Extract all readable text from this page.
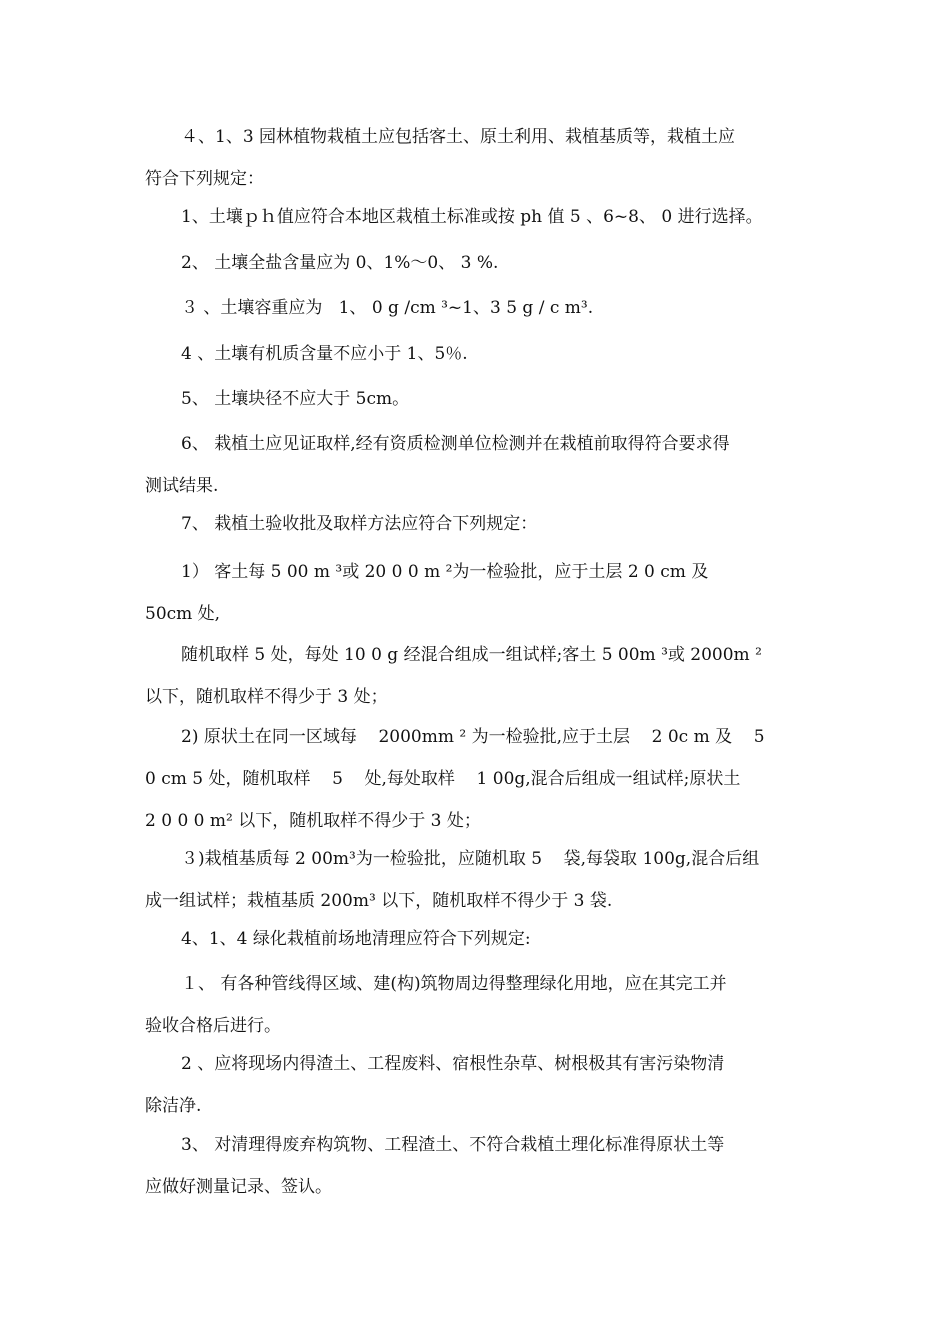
４、1、3 园林植物栽植土应包括客土、原土利用、栽植基质等，栽植土应
符合下列规定：
1、土壤ｐｈ值应符合本地区栽植土标准或按 ph 值 5 、6~8、 0 进行选择。
2、 土壤全盐含量应为 0、1%～0、 3 %.
３ 、土壤容重应为   1、 0 g /cm ³~1、3 5 g / c m³.
4 、土壤有机质含量不应小于 1、5％.
5、 土壤块径不应大于 5cm。
6、 栽植土应见证取样,经有资质检测单位检测并在栽植前取得符合要求得
测试结果.
7、 栽植土验收批及取样方法应符合下列规定：
1） 客土每 5 00 m ³或 20 0 0 m ²为一检验批，应于土层 2 0 cm 及
50cm 处,
随机取样 5 处，每处 10 0 g 经混合组成一组试样;客土 5 00m ³或 2000m ²
以下，随机取样不得少于 3 处；
2) 原状土在同一区域每    2000mm ² 为一检验批,应于土层    2 0c m 及    5
0 cm 5 处，随机取样    5    处,每处取样    1 00g,混合后组成一组试样;原状土
2 0 0 0 m² 以下，随机取样不得少于 3 处；
３)栽植基质每 2 00m³为一检验批，应随机取 5    袋,每袋取 100g,混合后组
成一组试样；栽植基质 200m³ 以下，随机取样不得少于 3 袋.
4、1、4 绿化栽植前场地清理应符合下列规定:
１、 有各种管线得区域、建(构)筑物周边得整理绿化用地，应在其完工并
验收合格后进行。
2 、应将现场内得渣土、工程废料、宿根性杂草、树根极其有害污染物清
除洁净.
3、 对清理得废弃构筑物、工程渣土、不符合栽植土理化标准得原状土等
应做好测量记录、签认。
